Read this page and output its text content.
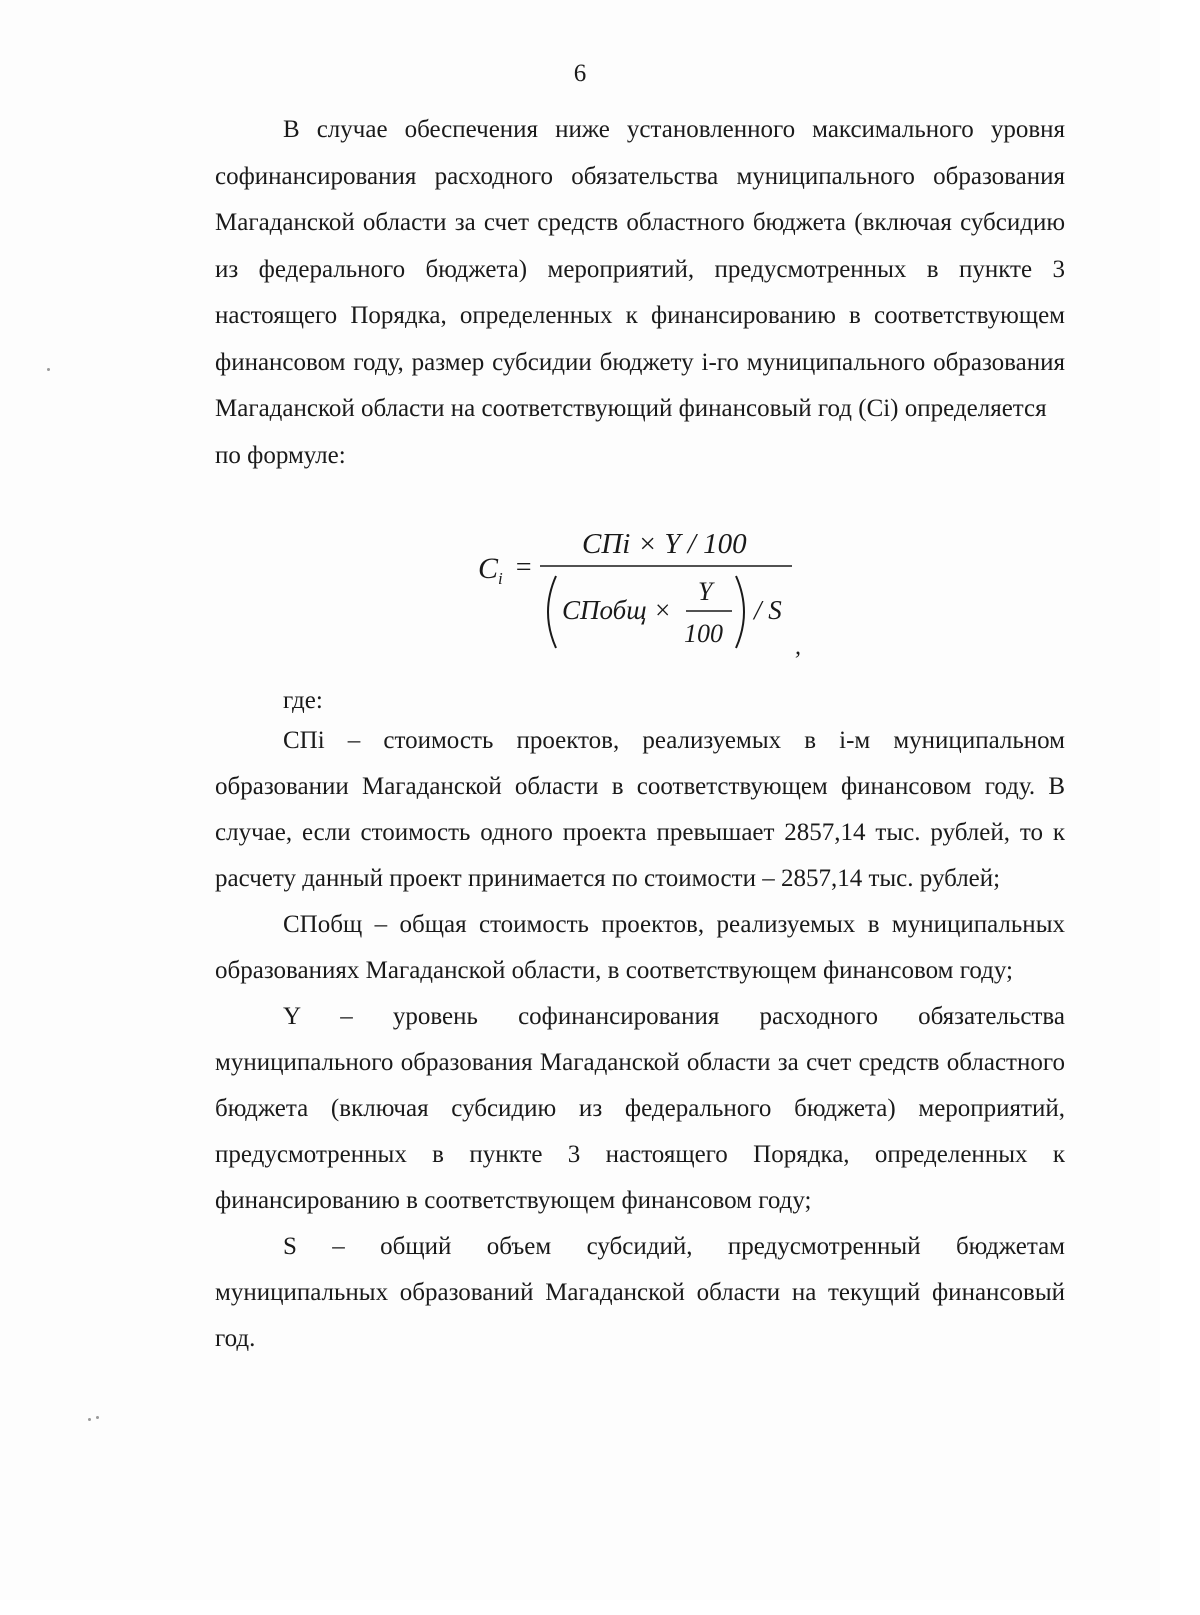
6

В случае обеспечения ниже установленного максимального уровня софинансирования расходного обязательства муниципального образования Магаданской области за счет средств областного бюджета (включая субсидию из федерального бюджета) мероприятий, предусмотренных в пункте 3 настоящего Порядка, определенных к финансированию в соответствующем финансовом году, размер субсидии бюджету i-го муниципального образования Магаданской области на соответствующий финансовый год (Ci) определяется

по формуле:

C i =
СПi × Y / 100
СПобщ ×
Y
100
/ S
,

где:

СПi – стоимость проектов, реализуемых в i-м муниципальном образовании Магаданской области в соответствующем финансовом году. В случае, если стоимость одного проекта превышает 2857,14 тыс. рублей, то к расчету данный проект принимается по стоимости – 2857,14 тыс. рублей;

СПобщ – общая стоимость проектов, реализуемых в муниципальных образованиях Магаданской области, в соответствующем финансовом году;

Y – уровень софинансирования расходного обязательства муниципального образования Магаданской области за счет средств областного бюджета (включая субсидию из федерального бюджета) мероприятий, предусмотренных в пункте 3 настоящего Порядка, определенных к финансированию в соответствующем финансовом году;

S – общий объем субсидий, предусмотренный бюджетам муниципальных образований Магаданской области на текущий финансовый год.
